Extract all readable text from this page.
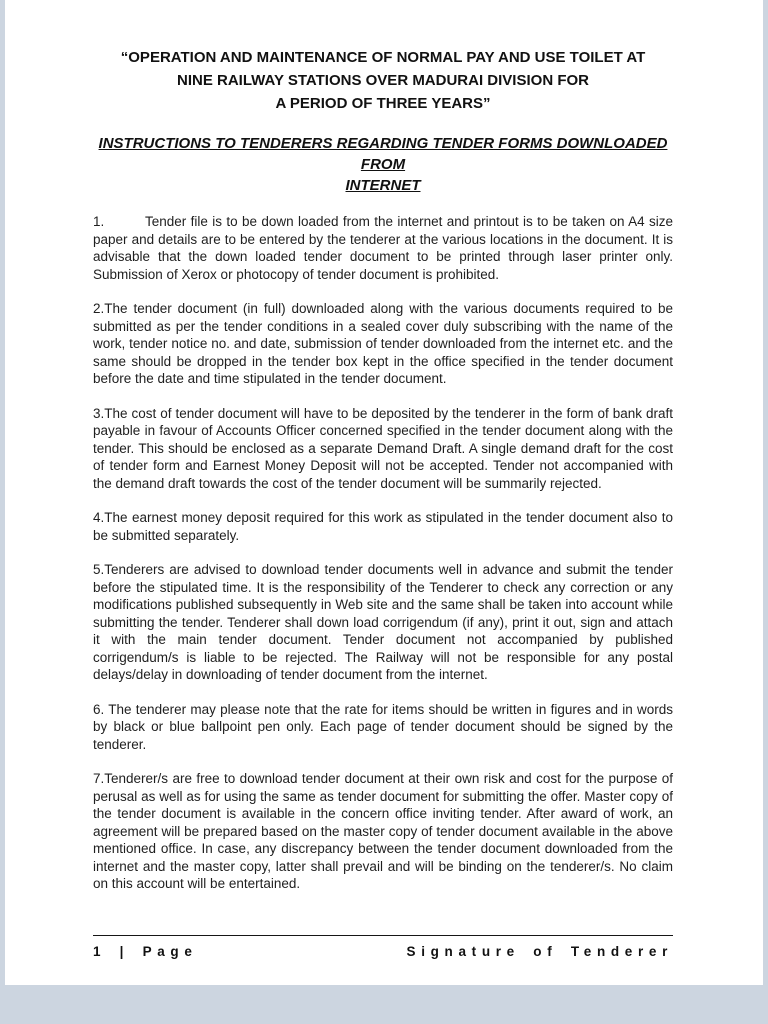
“OPERATION AND MAINTENANCE OF NORMAL PAY AND USE TOILET AT
NINE RAILWAY STATIONS OVER MADURAI DIVISION FOR
A PERIOD OF THREE YEARS”
INSTRUCTIONS TO TENDERERS REGARDING TENDER FORMS DOWNLOADED FROM
INTERNET

1.	Tender file is to be down loaded from the internet and printout is to be taken on A4 size paper and details are to be entered by the tenderer at the various locations in the document. It is advisable that the down loaded tender document to be printed through laser printer only. Submission of Xerox or photocopy of tender document is prohibited.

2.The tender document (in full) downloaded along with the various documents required to be submitted as per the tender conditions in a sealed cover duly subscribing with the name of the work, tender notice no. and date, submission of tender downloaded from the internet etc. and the same should be dropped in the tender box kept in the office specified in the tender document before the date and time stipulated in the tender document.

3.The cost of tender document will have to be deposited by the tenderer in the form of bank draft payable in favour of Accounts Officer concerned specified in the tender document along with the tender. This should be enclosed as a separate Demand Draft. A single demand draft for the cost of tender form and Earnest Money Deposit will not be accepted. Tender not accompanied with the demand draft towards the cost of the tender document will be summarily rejected.

4.The earnest money deposit required for this work as stipulated in the tender document also to be submitted separately.

5.Tenderers are advised to download tender documents well in advance and submit the tender before the stipulated time. It is the responsibility of the Tenderer to check any correction or any modifications published subsequently in Web site and the same shall be taken into account while submitting the tender. Tenderer shall down load corrigendum (if any), print it out, sign and attach it with the main tender document. Tender document not accompanied by published corrigendum/s is liable to be rejected. The Railway will not be responsible for any postal delays/delay in downloading of tender document from the internet.

6. The tenderer may please note that the rate for items should be written in figures and in words by black or blue ballpoint pen only. Each page of tender document should be signed by the tenderer.

7.Tenderer/s are free to download tender document at their own risk and cost for the purpose of perusal as well as for using the same as tender document for submitting the offer. Master copy of the tender document is available in the concern office inviting tender. After award of work, an agreement will be prepared based on the master copy of tender document available in the above mentioned office. In case, any discrepancy between the tender document downloaded from the internet and the master copy, latter shall prevail and will be binding on the tenderer/s. No claim on this account will be entertained.

1 | Page	Signature of Tenderer
